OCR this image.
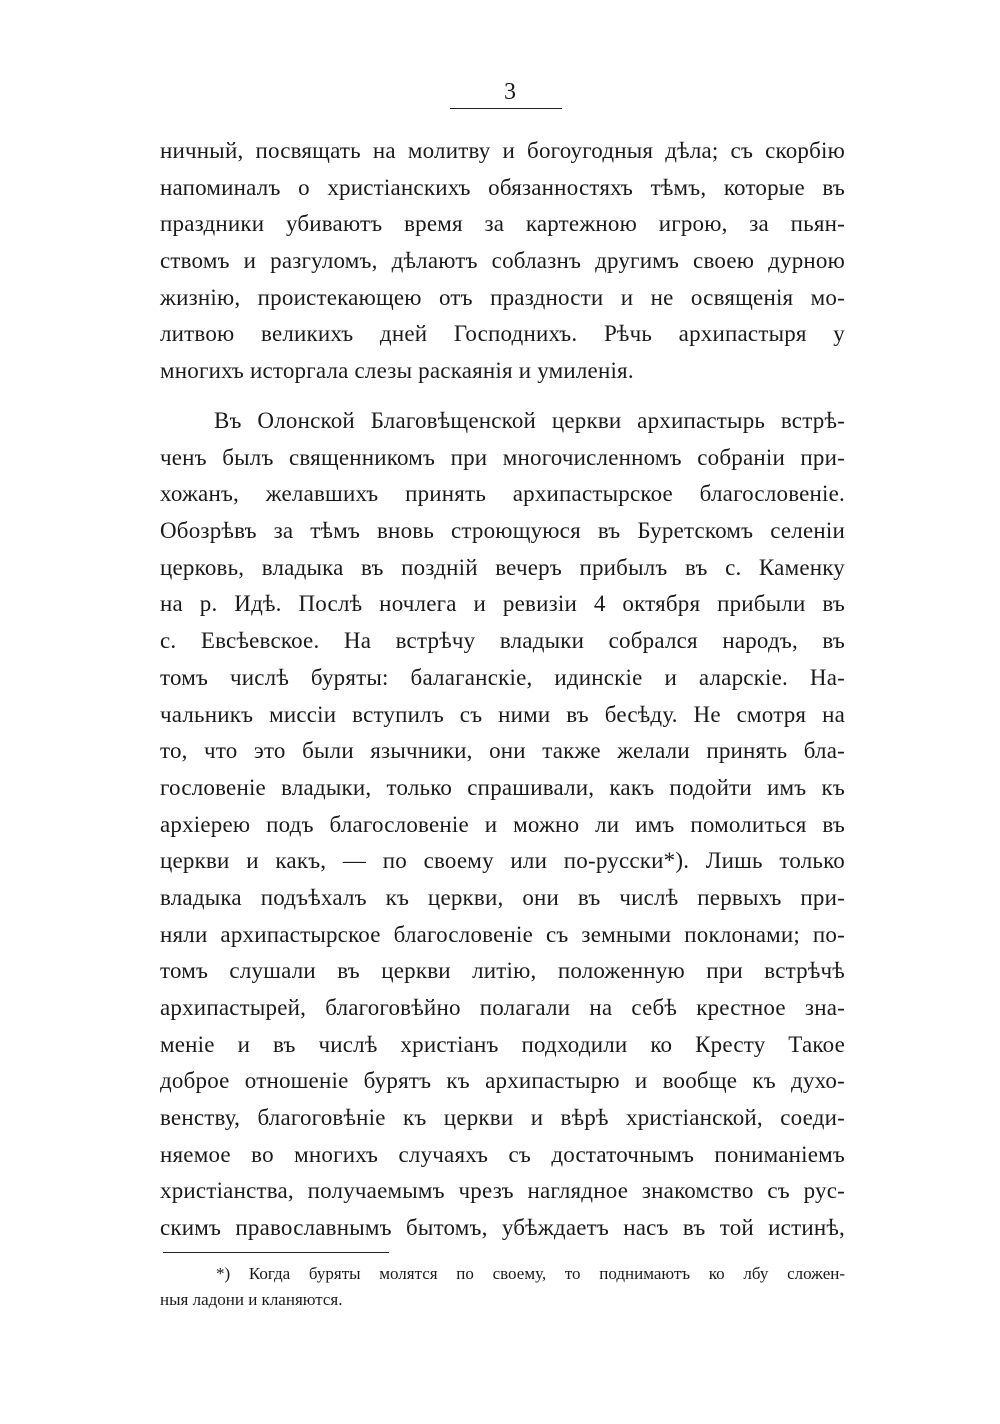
3
ничный, посвящать на молитву и богоугодныя дѣла; съ скорбію
напоминалъ о христіанскихъ обязанностяхъ тѣмъ, которые въ
праздники убиваютъ время за картежною игрою, за пьян-
ствомъ и разгуломъ, дѣлаютъ соблазнъ другимъ своею дурною
жизнію, проистекающею отъ праздности и не освященія мо-
литвою великихъ дней Господнихъ. Рѣчь архипастыря у
многихъ исторгала слезы раскаянія и умиленія.
Въ Олонской Благовѣщенской церкви архипастырь встрѣ-
ченъ былъ священникомъ при многочисленномъ собраніи при-
хожанъ, желавшихъ принять архипастырское благословеніе.
Обозрѣвъ за тѣмъ вновь строющуюся въ Буретскомъ селеніи
церковь, владыка въ поздній вечеръ прибылъ въ с. Каменку
на р. Идѣ. Послѣ ночлега и ревизіи 4 октября прибыли въ
с. Евсѣевское. На встрѣчу владыки собрался народъ, въ
томъ числѣ буряты: балаганскіе, идинскіе и аларскіе. На-
чальникъ миссіи вступилъ съ ними въ бесѣду. Не смотря на
то, что это были язычники, они также желали принять бла-
гословеніе владыки, только спрашивали, какъ подойти имъ къ
архіерею подъ благословеніе и можно ли имъ помолиться въ
церкви и какъ, — по своему или по-русски*). Лишь только
владыка подъѣхалъ къ церкви, они въ числѣ первыхъ при-
няли архипастырское благословеніе съ земными поклонами; по-
томъ слушали въ церкви литію, положенную при встрѣчѣ
архипастырей, благоговѣйно полагали на себѣ крестное зна-
меніе и въ числѣ христіанъ подходили ко Кресту Такое
доброе отношеніе бурятъ къ архипастырю и вообще къ духо-
венству, благоговѣніе къ церкви и вѣрѣ христіанской, соеди-
няемое во многихъ случаяхъ съ достаточнымъ пониманіемъ
христіанства, получаемымъ чрезъ наглядное знакомство съ рус-
скимъ православнымъ бытомъ, убѣждаетъ насъ въ той истинѣ,
*) Когда буряты молятся по своему, то поднимаютъ ко лбу сложен-
ныя ладони и кланяются.
